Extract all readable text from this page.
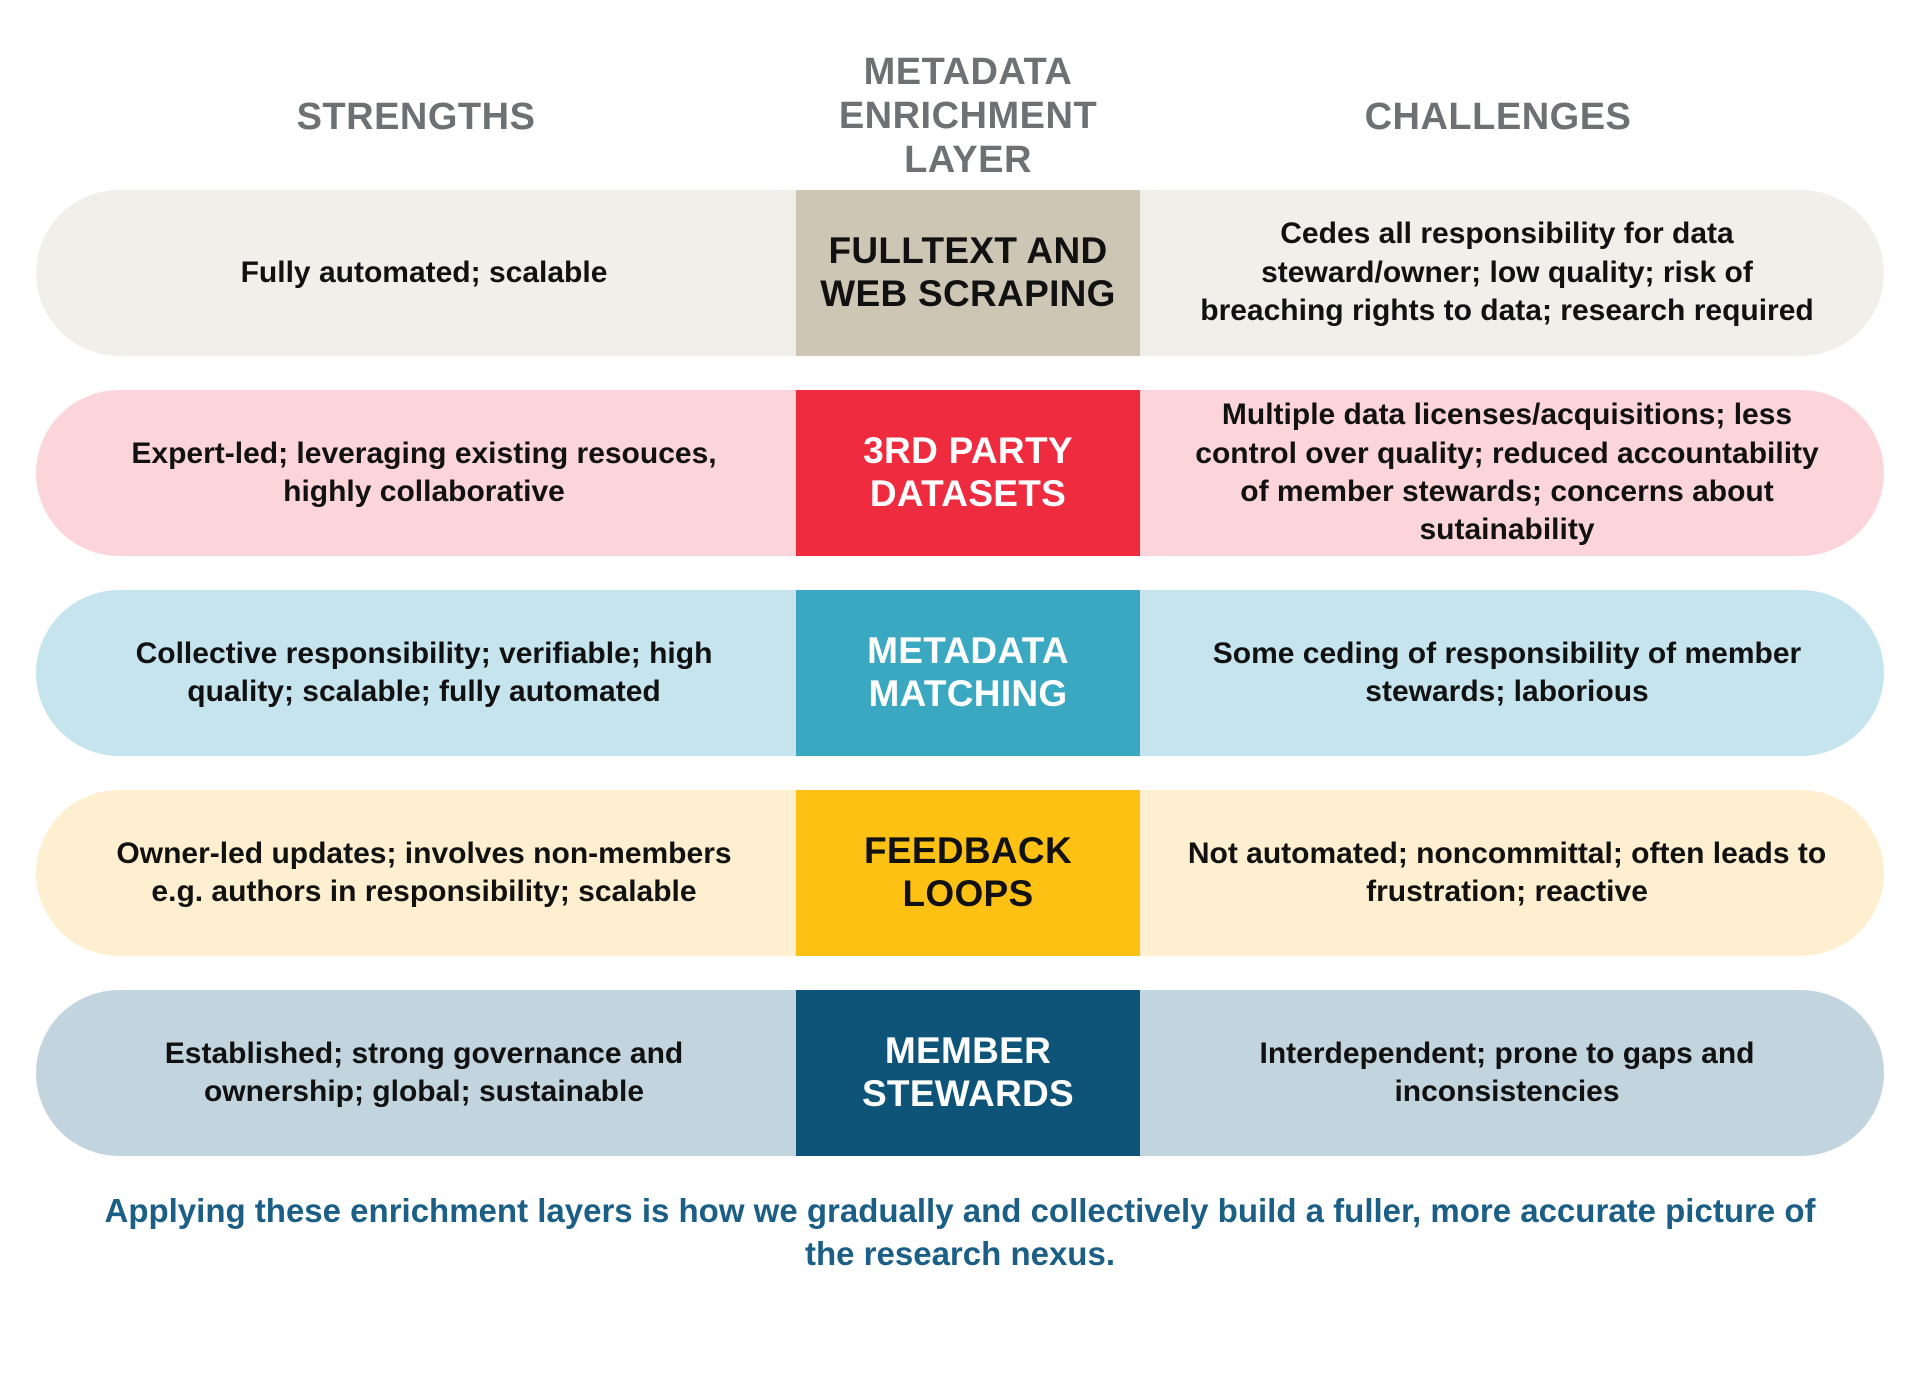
STRENGTHS
METADATA ENRICHMENT LAYER
CHALLENGES
Fully automated; scalable
FULLTEXT AND WEB SCRAPING
Cedes all responsibility for data steward/owner; low quality; risk of breaching rights to data; research required
Expert-led; leveraging existing resouces, highly collaborative
3RD PARTY DATASETS
Multiple data licenses/acquisitions; less control over quality; reduced accountability of member stewards; concerns about sutainability
Collective responsibility; verifiable; high quality; scalable; fully automated
METADATA MATCHING
Some ceding of responsibility of member stewards; laborious
Owner-led updates; involves non-members e.g. authors in responsibility; scalable
FEEDBACK LOOPS
Not automated; noncommittal; often leads to frustration; reactive
Established; strong governance and ownership; global; sustainable
MEMBER STEWARDS
Interdependent; prone to gaps and inconsistencies
Applying these enrichment layers is how we gradually and collectively build a fuller, more accurate picture of the research nexus.
